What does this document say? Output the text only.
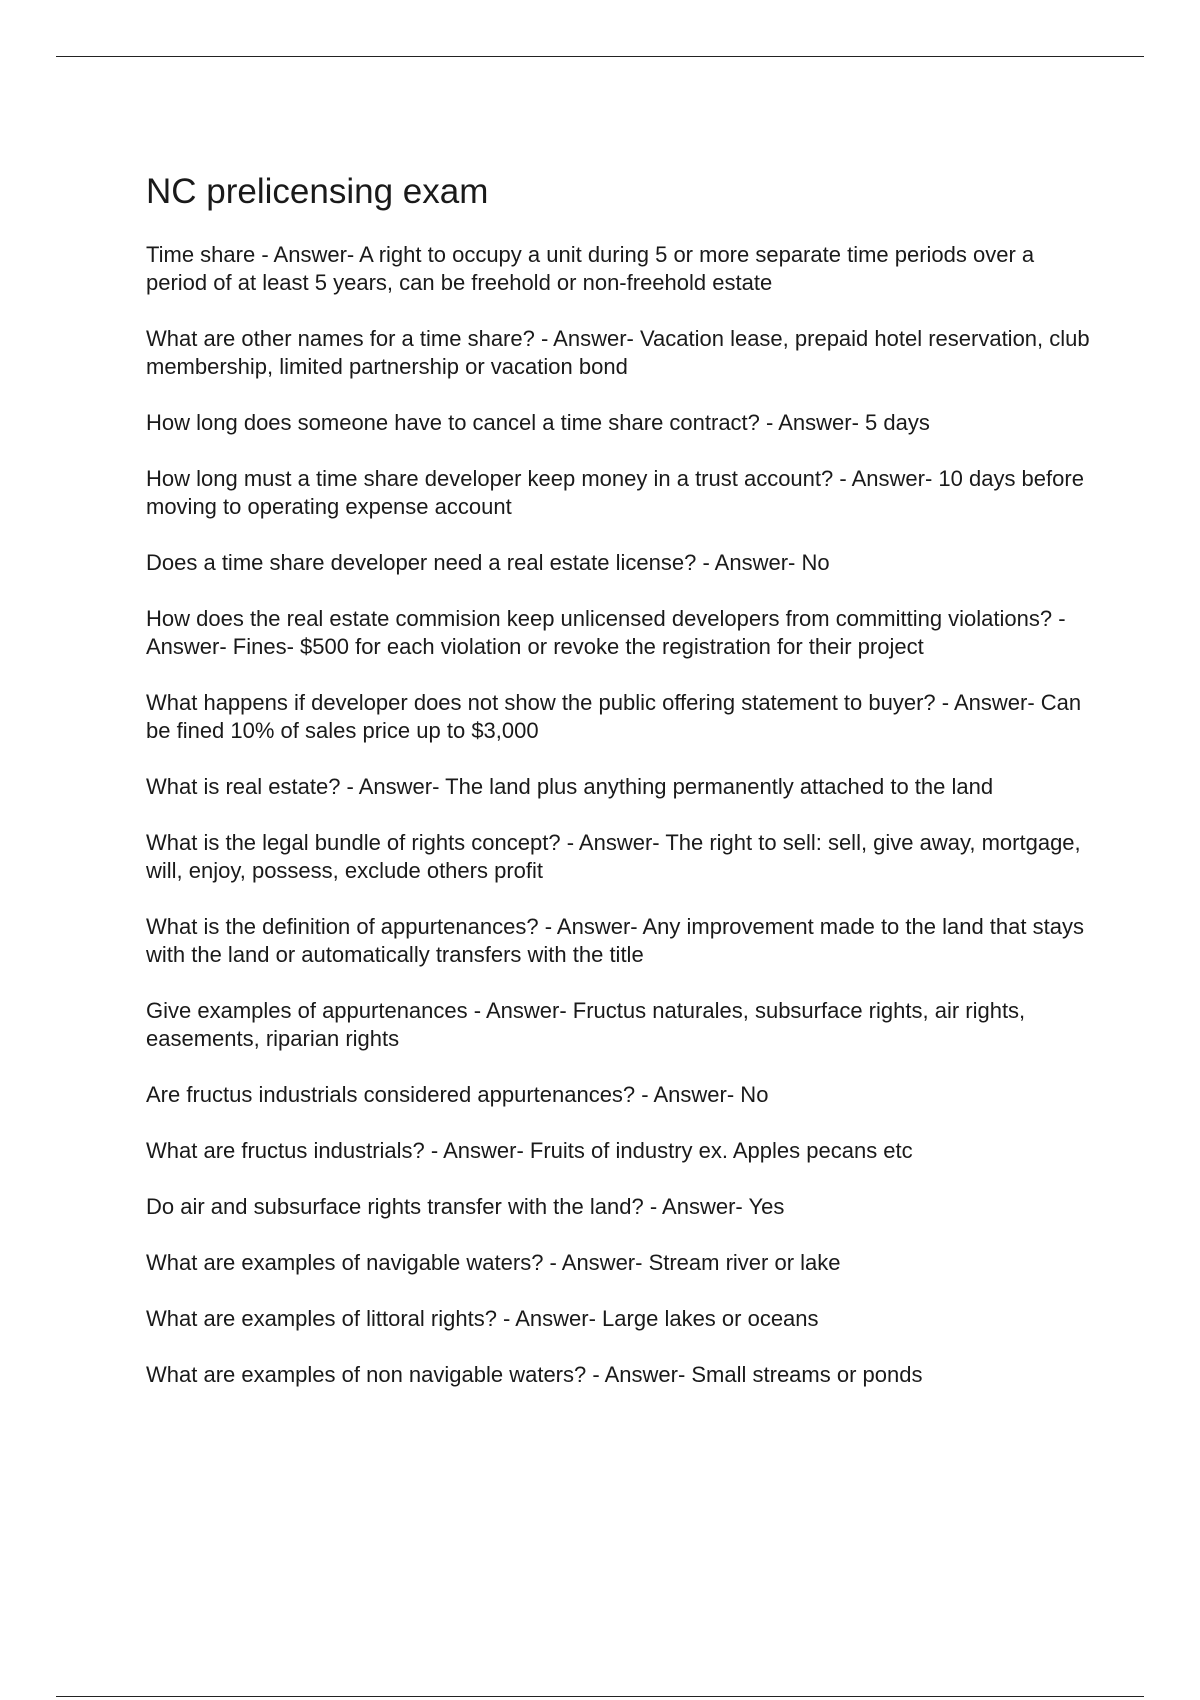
NC prelicensing exam
Time share - Answer- A right to occupy a unit during 5 or more separate time periods over a period of at least 5 years, can be freehold or non-freehold estate
What are other names for a time share? - Answer- Vacation lease, prepaid hotel reservation, club membership, limited partnership or vacation bond
How long does someone have to cancel a time share contract? - Answer- 5 days
How long must a time share developer keep money in a trust account? - Answer- 10 days before moving to operating expense account
Does a time share developer need a real estate license? - Answer- No
How does the real estate commision keep unlicensed developers from committing violations? - Answer- Fines- $500 for each violation or revoke the registration for their project
What happens if developer does not show the public offering statement to buyer? - Answer- Can be fined 10% of sales price up to $3,000
What is real estate? - Answer- The land plus anything permanently attached to the land
What is the legal bundle of rights concept? - Answer- The right to sell: sell, give away, mortgage, will, enjoy, possess, exclude others profit
What is the definition of appurtenances? - Answer- Any improvement made to the land that stays with the land or automatically transfers with the title
Give examples of appurtenances - Answer- Fructus naturales, subsurface rights, air rights, easements, riparian rights
Are fructus industrials considered appurtenances? - Answer- No
What are fructus industrials? - Answer- Fruits of industry ex. Apples pecans etc
Do air and subsurface rights transfer with the land? - Answer- Yes
What are examples of navigable waters? - Answer- Stream river or lake
What are examples of littoral rights? - Answer- Large lakes or oceans
What are examples of non navigable waters? - Answer- Small streams or ponds
